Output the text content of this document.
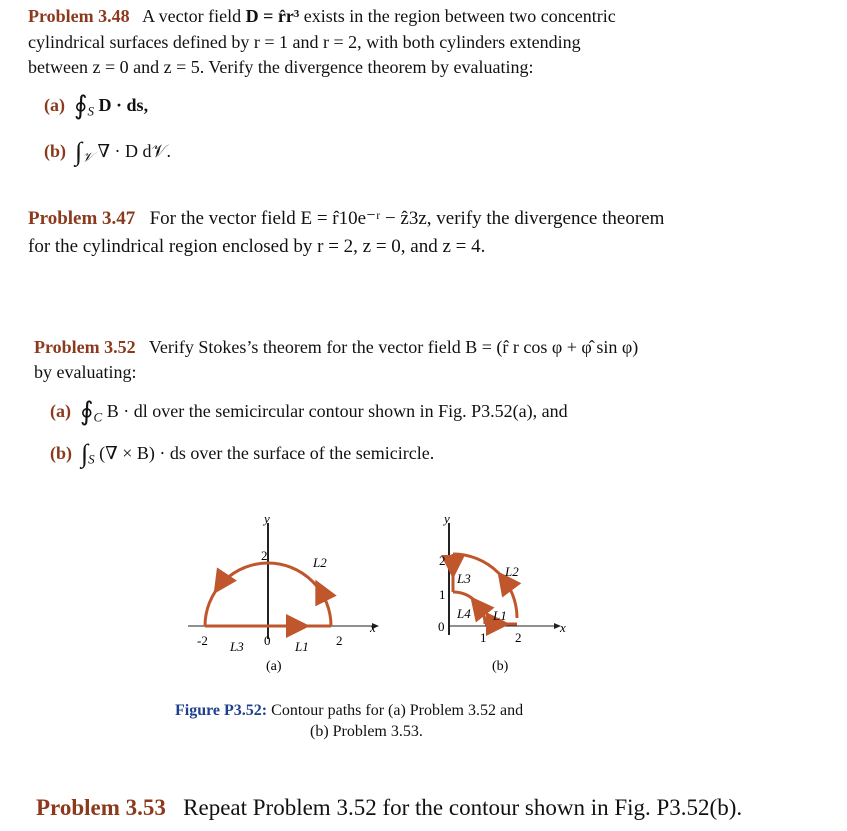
Problem 3.48 A vector field D = r̂r³ exists in the region between two concentric
cylindrical surfaces defined by r = 1 and r = 2, with both cylinders extending
between z = 0 and z = 5. Verify the divergence theorem by evaluating:
(a) $∮_S$ D · ds,
(b) $\int_𝒱$ ∇ · D d𝒱.
Problem 3.47 For the vector field E = r̂10e⁻ʳ − ẑ3z, verify the divergence theorem
for the cylindrical region enclosed by r = 2, z = 0, and z = 4.
Problem 3.52 Verify Stokes’s theorem for the vector field B = (r̂ r cos φ + φ̂ sin φ)
by evaluating:
(a) $∮_C$ B · dl over the semicircular contour shown in Fig. P3.52(a), and
(b) $\int_S$ (∇ × B) · ds over the surface of the semicircle.
y
x
2
-2	0	2
L2
L1
L3
(a)
y
x
2
1
0
1 2
L3	L2
L4 L1
(b)
Figure P3.52: Contour paths for (a) Problem 3.52 and
(b) Problem 3.53.
Problem 3.53 Repeat Problem 3.52 for the contour shown in Fig. P3.52(b).
